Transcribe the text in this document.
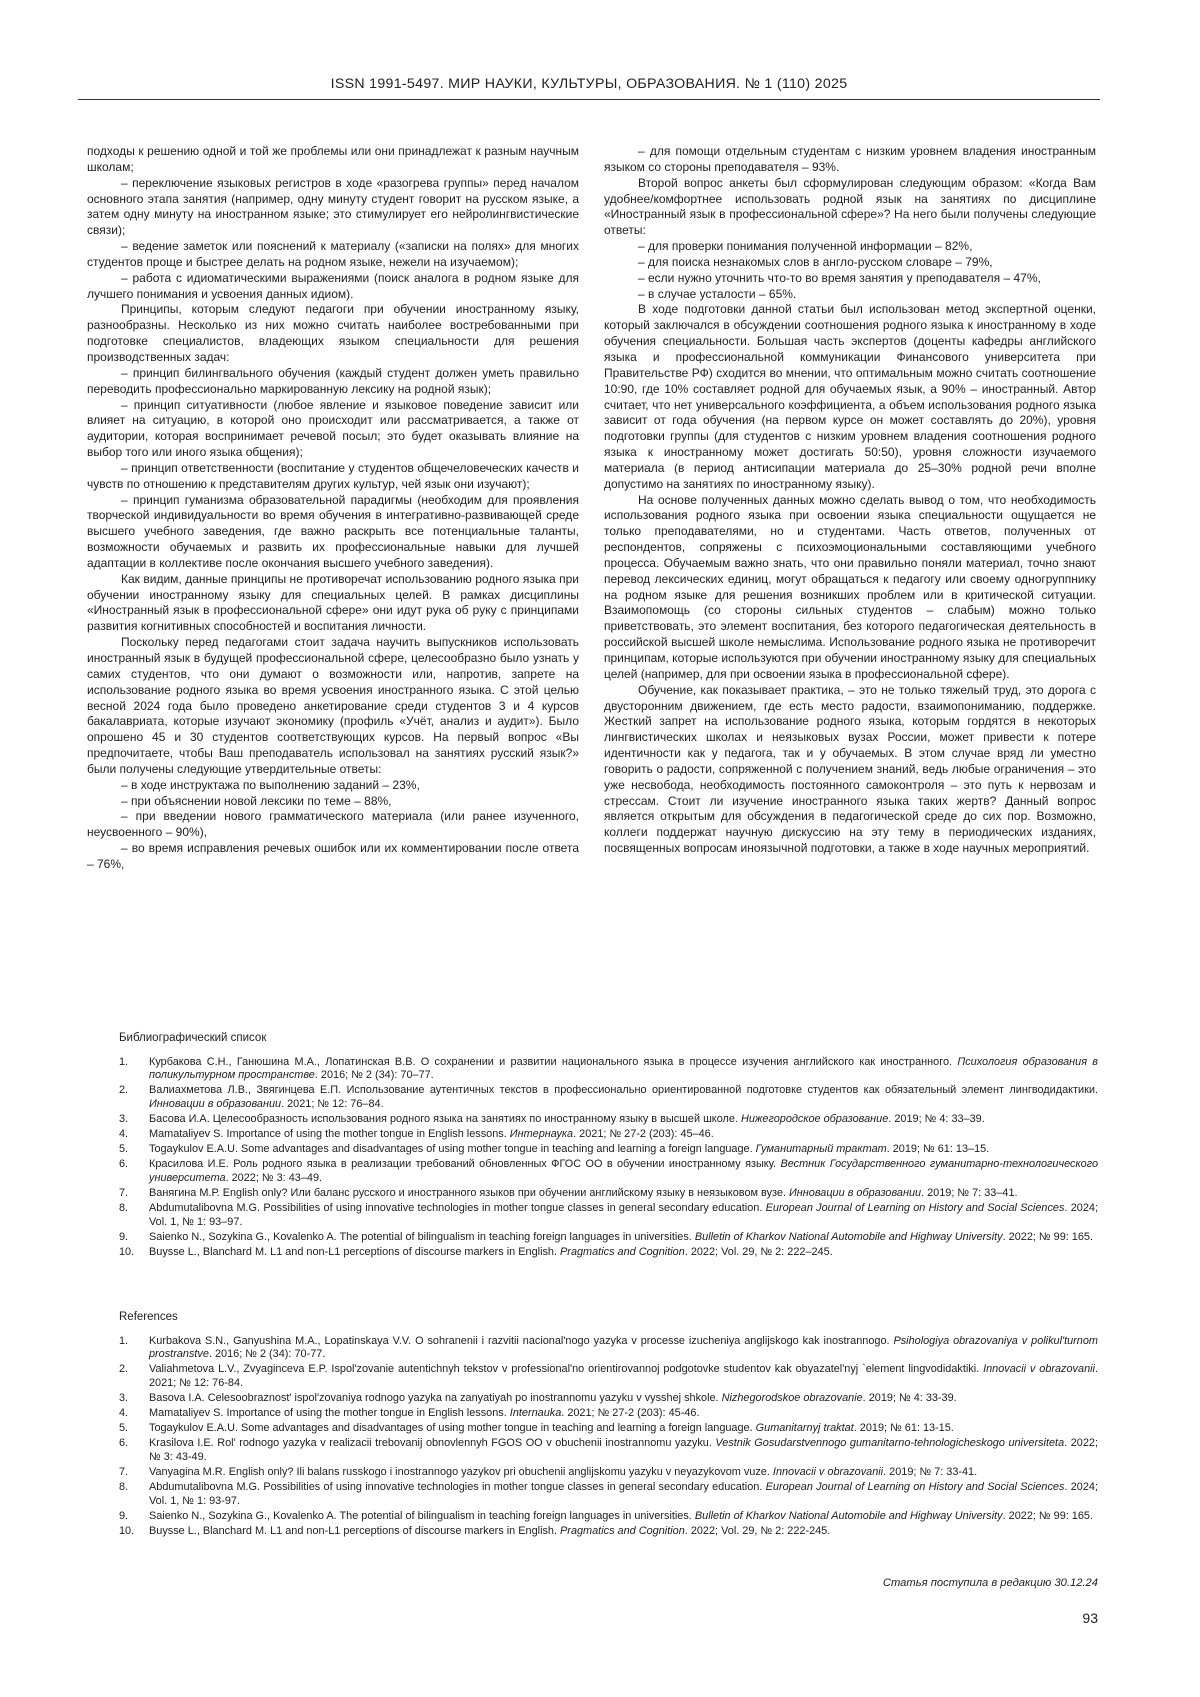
ISSN 1991-5497. МИР НАУКИ, КУЛЬТУРЫ, ОБРАЗОВАНИЯ. № 1 (110) 2025

подходы к решению одной и той же проблемы или они принадлежат к разным научным школам;

– переключение языковых регистров в ходе «разогрева группы» перед началом основного этапа занятия (например, одну минуту студент говорит на русском языке, а затем одну минуту на иностранном языке; это стимулирует его нейролингвистические связи);

– ведение заметок или пояснений к материалу («записки на полях» для многих студентов проще и быстрее делать на родном языке, нежели на изучаемом);

– работа с идиоматическими выражениями (поиск аналога в родном языке для лучшего понимания и усвоения данных идиом).

Принципы, которым следуют педагоги при обучении иностранному языку, разнообразны. Несколько из них можно считать наиболее востребованными при подготовке специалистов, владеющих языком специальности для решения производственных задач:

– принцип билингвального обучения (каждый студент должен уметь правильно переводить профессионально маркированную лексику на родной язык);

– принцип ситуативности (любое явление и языковое поведение зависит или влияет на ситуацию, в которой оно происходит или рассматривается, а также от аудитории, которая воспринимает речевой посыл; это будет оказывать влияние на выбор того или иного языка общения);

– принцип ответственности (воспитание у студентов общечеловеческих качеств и чувств по отношению к представителям других культур, чей язык они изучают);

– принцип гуманизма образовательной парадигмы (необходим для проявления творческой индивидуальности во время обучения в интегративно-развивающей среде высшего учебного заведения, где важно раскрыть все потенциальные таланты, возможности обучаемых и развить их профессиональные навыки для лучшей адаптации в коллективе после окончания высшего учебного заведения).

Как видим, данные принципы не противоречат использованию родного языка при обучении иностранному языку для специальных целей. В рамках дисциплины «Иностранный язык в профессиональной сфере» они идут рука об руку с принципами развития когнитивных способностей и воспитания личности.

Поскольку перед педагогами стоит задача научить выпускников использовать иностранный язык в будущей профессиональной сфере, целесообразно было узнать у самих студентов, что они думают о возможности или, напротив, запрете на использование родного языка во время усвоения иностранного языка. С этой целью весной 2024 года было проведено анкетирование среди студентов 3 и 4 курсов бакалавриата, которые изучают экономику (профиль «Учёт, анализ и аудит»). Было опрошено 45 и 30 студентов соответствующих курсов. На первый вопрос «Вы предпочитаете, чтобы Ваш преподаватель использовал на занятиях русский язык?» были получены следующие утвердительные ответы:

– в ходе инструктажа по выполнению заданий – 23%,

– при объяснении новой лексики по теме – 88%,

– при введении нового грамматического материала (или ранее изученного, неусвоенного – 90%),

– во время исправления речевых ошибок или их комментировании после ответа – 76%,

– для помощи отдельным студентам с низким уровнем владения иностранным языком со стороны преподавателя – 93%.

Второй вопрос анкеты был сформулирован следующим образом: «Когда Вам удобнее/комфортнее использовать родной язык на занятиях по дисциплине «Иностранный язык в профессиональной сфере»? На него были получены следующие ответы:

– для проверки понимания полученной информации – 82%,

– для поиска незнакомых слов в англо-русском словаре – 79%,

– если нужно уточнить что-то во время занятия у преподавателя – 47%,

– в случае усталости – 65%.

В ходе подготовки данной статьи был использован метод экспертной оценки, который заключался в обсуждении соотношения родного языка к иностранному в ходе обучения специальности. Большая часть экспертов (доценты кафедры английского языка и профессиональной коммуникации Финансового университета при Правительстве РФ) сходится во мнении, что оптимальным можно считать соотношение 10:90, где 10% составляет родной для обучаемых язык, а 90% – иностранный. Автор считает, что нет универсального коэффициента, а объем использования родного языка зависит от года обучения (на первом курсе он может составлять до 20%), уровня подготовки группы (для студентов с низким уровнем владения соотношения родного языка к иностранному может достигать 50:50), уровня сложности изучаемого материала (в период антисипации материала до 25–30% родной речи вполне допустимо на занятиях по иностранному языку).

На основе полученных данных можно сделать вывод о том, что необходимость использования родного языка при освоении языка специальности ощущается не только преподавателями, но и студентами. Часть ответов, полученных от респондентов, сопряжены с психоэмоциональными составляющими учебного процесса. Обучаемым важно знать, что они правильно поняли материал, точно знают перевод лексических единиц, могут обращаться к педагогу или своему одногруппнику на родном языке для решения возникших проблем или в критической ситуации. Взаимопомощь (со стороны сильных студентов – слабым) можно только приветствовать, это элемент воспитания, без которого педагогическая деятельность в российской высшей школе немыслима. Использование родного языка не противоречит принципам, которые используются при обучении иностранному языку для специальных целей (например, для при освоении языка в профессиональной сфере).

Обучение, как показывает практика, – это не только тяжелый труд, это дорога с двусторонним движением, где есть место радости, взаимопониманию, поддержке. Жесткий запрет на использование родного языка, которым гордятся в некоторых лингвистических школах и неязыковых вузах России, может привести к потере идентичности как у педагога, так и у обучаемых. В этом случае вряд ли уместно говорить о радости, сопряженной с получением знаний, ведь любые ограничения – это уже несвобода, необходимость постоянного самоконтроля – это путь к нервозам и стрессам. Стоит ли изучение иностранного языка таких жертв? Данный вопрос является открытым для обсуждения в педагогической среде до сих пор. Возможно, коллеги поддержат научную дискуссию на эту тему в периодических изданиях, посвященных вопросам иноязычной подготовки, а также в ходе научных мероприятий.

Библиографический список
1.	Курбакова С.Н., Ганюшина М.А., Лопатинская В.В. О сохранении и развитии национального языка в процессе изучения английского как иностранного. Психология образования в поликультурном пространстве. 2016; № 2 (34): 70–77.
2.	Валиахметова Л.В., Звягинцева Е.П. Использование аутентичных текстов в профессионально ориентированной подготовке студентов как обязательный элемент лингводидактики. Инновации в образовании. 2021; № 12: 76–84.
3.	Басова И.А. Целесообразность использования родного языка на занятиях по иностранному языку в высшей школе. Нижегородское образование. 2019; № 4: 33–39.
4.	Mamatalіyev S. Importance of using the mother tongue in English lessons. Интернаука. 2021; № 27-2 (203): 45–46.
5.	Togaykulov E.A.U. Some advantages and disadvantages of using mother tongue in teaching and learning a foreign language. Гуманитарный трактат. 2019; № 61: 13–15.
6.	Красилова И.Е. Роль родного языка в реализации требований обновленных ФГОС ОО в обучении иностранному языку. Вестник Государственного гуманитарно-технологического университета. 2022; № 3: 43–49.
7.	Ванягина М.Р. English only? Или баланс русского и иностранного языков при обучении английскому языку в неязыковом вузе. Инновации в образовании. 2019; № 7: 33–41.
8.	Abdumutalibovna M.G. Possibilities of using innovative technologies in mother tongue classes in general secondary education. European Journal of Learning on History and Social Sciences. 2024; Vol. 1, № 1: 93–97.
9.	Saienko N., Sozykina G., Kovalenko A. The potential of bilingualism in teaching foreign languages in universities. Bulletin of Kharkov National Automobile and Highway University. 2022; № 99: 165.
10.	Buysse L., Blanchard M. L1 and non-L1 perceptions of discourse markers in English. Pragmatics and Cognition. 2022; Vol. 29, № 2: 222–245.
References
1.	Kurbakova S.N., Ganyushina M.A., Lopatinskaya V.V. O sohranenii i razvitii nacional'nogo yazyka v processe izucheniya anglijskogo kak inostrannogo. Psihologiya obrazovaniya v polikul'turnom prostranstve. 2016; № 2 (34): 70-77.
2.	Valiahmetova L.V., Zvyaginceva E.P. Ispol'zovanie autentichnyh tekstov v professional'no orientirovannoj podgotovke studentov kak obyazatel'nyj `element lingvodidaktiki. Innovacii v obrazovanii. 2021; № 12: 76-84.
3.	Basova I.A. Celesoobraznost' ispol'zovaniya rodnogo yazyka na zanyatiyah po inostrannomu yazyku v vysshej shkole. Nizhegorodskoe obrazovanie. 2019; № 4: 33-39.
4.	Mamataliyev S. Importance of using the mother tongue in English lessons. Internauka. 2021; № 27-2 (203): 45-46.
5.	Togaykulov E.A.U. Some advantages and disadvantages of using mother tongue in teaching and learning a foreign language. Gumanitarnyj traktat. 2019; № 61: 13-15.
6.	Krasilova I.E. Rol' rodnogo yazyka v realizacii trebovanij obnovlennyh FGOS OO v obuchenii inostrannomu yazyku. Vestnik Gosudarstvennogo gumanitarno-tehnologicheskogo universiteta. 2022; № 3: 43-49.
7.	Vanyagina M.R. English only? Ili balans russkogo i inostrannogo yazykov pri obuchenii anglijskomu yazyku v neyazykovom vuze. Innovacii v obrazovanii. 2019; № 7: 33-41.
8.	Abdumutalibovna M.G. Possibilities of using innovative technologies in mother tongue classes in general secondary education. European Journal of Learning on History and Social Sciences. 2024; Vol. 1, № 1: 93-97.
9.	Saienko N., Sozykina G., Kovalenko A. The potential of bilingualism in teaching foreign languages in universities. Bulletin of Kharkov National Automobile and Highway University. 2022; № 99: 165.
10.	Buysse L., Blanchard M. L1 and non-L1 perceptions of discourse markers in English. Pragmatics and Cognition. 2022; Vol. 29, № 2: 222-245.
Статья поступила в редакцию 30.12.24
93
